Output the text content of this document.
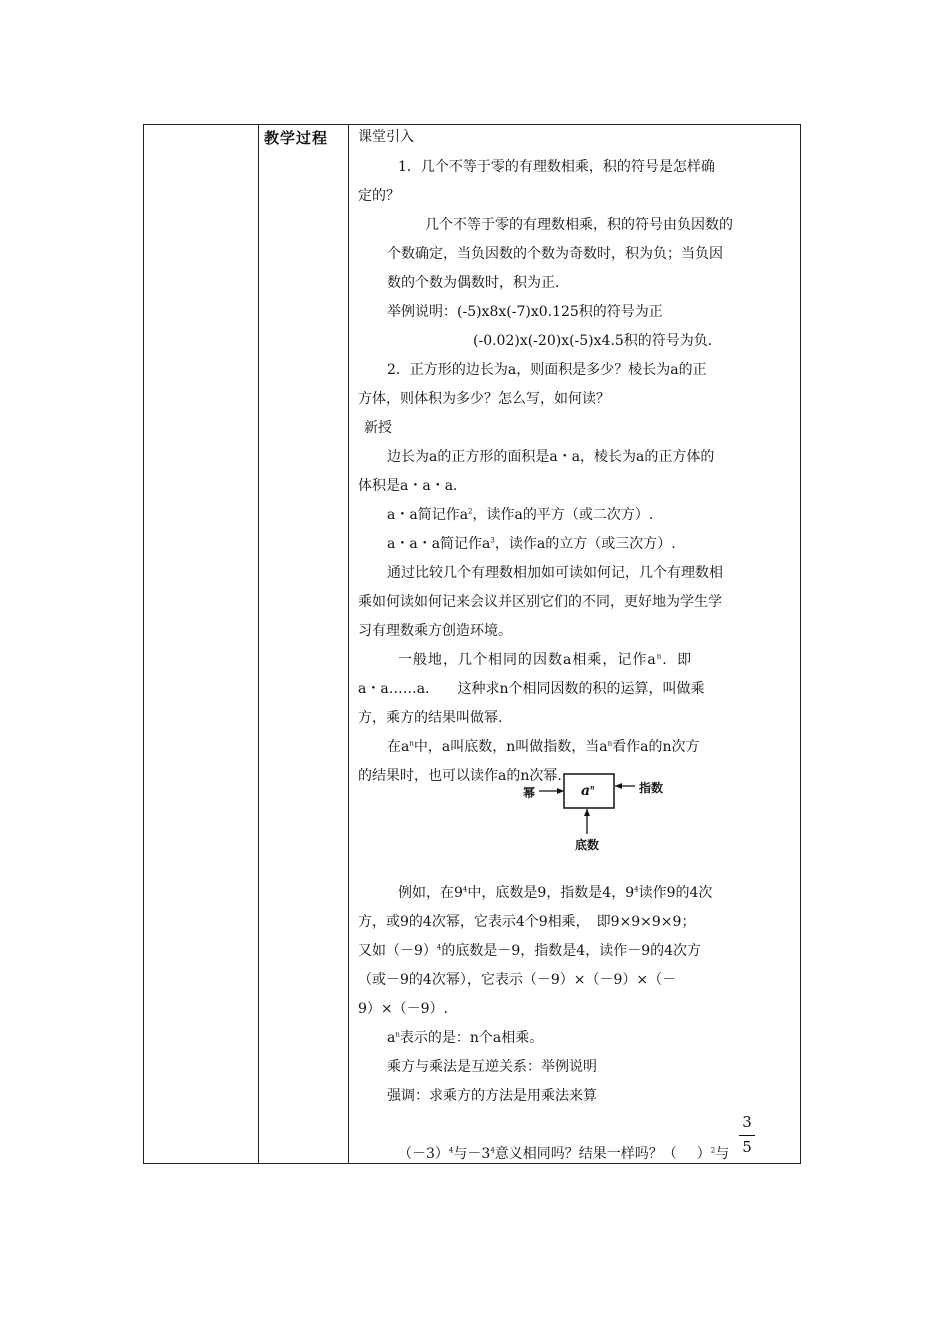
教学过程 课堂引入
1．几个不等于零的有理数相乘，积的符号是怎样确
定的？
几个不等于零的有理数相乘，积的符号由负因数的
个数确定，当负因数的个数为奇数时，积为负；当负因
数的个数为偶数时，积为正.
举例说明：(-5)x8x(-7)x0.125积的符号为正
(-0.02)x(-20)x(-5)x4.5积的符号为负.
2．正方形的边长为a，则面积是多少？棱长为a的正
方体，则体积为多少？怎么写，如何读？
新授
边长为a的正方形的面积是a・a，棱长为a的正方体的
体积是a・a・a.
a・a简记作$a^2$，读作a的平方（或二次方）.
a・a・a简记作$a^3$，读作a的立方（或三次方）.
通过比较几个有理数相加如可读如何记，几个有理数相
乘如何读如何记来会议并区别它们的不同，更好地为学生学
习有理数乘方创造环境。
一般地，几个相同的因数a相乘，记作$a^n$. 即
a・a……a.　　这种求n个相同因数的积的运算，叫做乘
方，乘方的结果叫做幂.
在$a^n$中，a叫底数，n叫做指数，当$a^n$看作a的n次方
的结果时，也可以读作a的n次幂.
幂	指数
底数
$a^n$
例如，在$9^4$中，底数是9，指数是4，$9^4$读作9的4次
方，或9的4次幂，它表示4个9相乘，　即9×9×9×9；
又如$(-9)^4$的底数是－9，指数是4，读作－9的4次方
（或－9的4次幂），它表示（－9）×（－9）×（－
9）×（－9）.
$a^n$表示的是：n个a相乘。
乘方与乘法是互逆关系：举例说明
强调：求乘方的方法是用乘法来算
3
5
$(-3)^4$与$-3^4$意义相同吗？结果一样吗？（ ）$^2$与
